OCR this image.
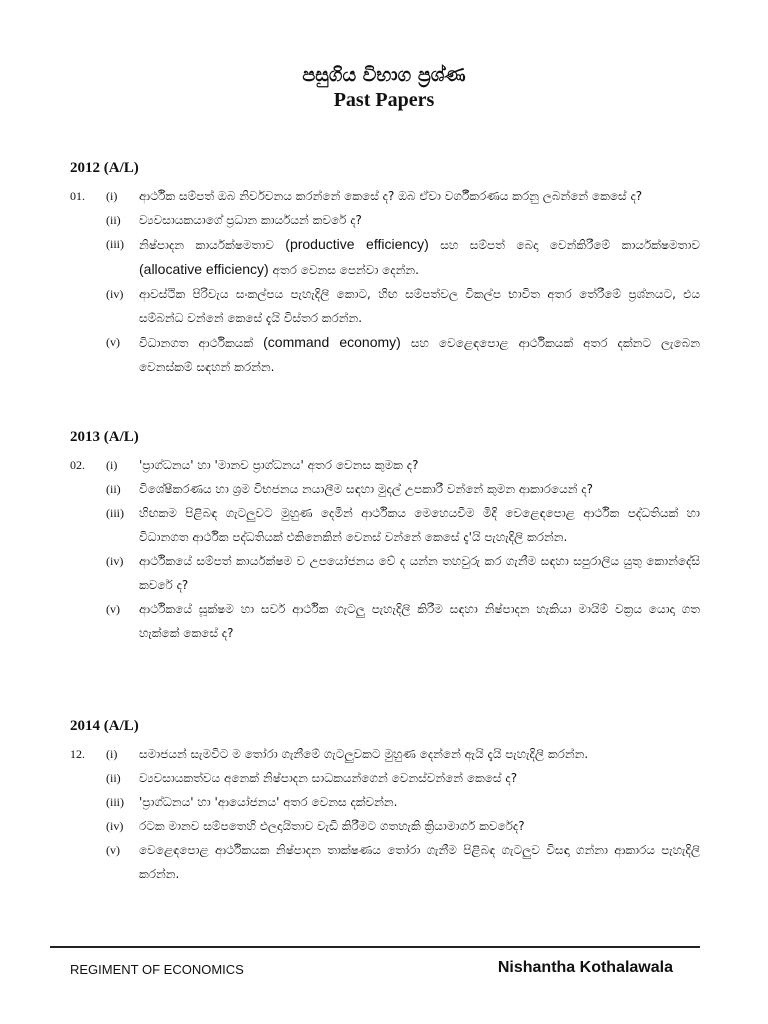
පසුගිය විභාග ප්‍රශ්ණ
Past Papers
2012 (A/L)
01. (i) ආර්ථික සම්පත් ඔබ නිර්වචනය කරන්නේ කෙසේ ද? ඔබ ඒවා වර්ගීකරණය කරනු ලබන්නේ කෙසේ ද?
(ii) ව්‍යවසායකයාගේ ප්‍රධාන කාර්යයන් කවරේ ද?
(iii) නිෂ්පාදන කාර්යක්ෂමතාව (productive efficiency) සහ සම්පත් බෙදා වෙන්කිරීමේ කාර්යක්ෂමතාව (allocative efficiency) අතර වෙනස පෙන්වා දෙන්න.
(iv) ආවස්ථික පිරිවැය සංකල්පය පැහැදිලි කොට, හිඟ සම්පත්වල විකල්ප භාවිත අතර තේරීමේ ප්‍රශ්නයට, එය සම්බන්ධ වන්නේ කෙසේ දැයි විස්තර කරන්න.
(v) විධානගත ආර්ථිකයක් (command economy) සහ වෙළෙඳපොළ ආර්ථිකයක් අතර දක්නට ලැබෙන වෙනස්කම් සඳහන් කරන්න.
2013 (A/L)
02. (i) 'ප්‍රාග්ධනය' හා 'මානව ප්‍රාග්ධනය' අතර වෙනස කුමක ද?
(ii) විශේෂීකරණය හා ශ්‍රම විභජනය නයාලීම සඳහා මුදල් උපකාරී වන්නේ කුමන ආකාරයෙන් ද?
(iii) හිඟකම පිළිබඳ ගැටලුවට මුහුණ දෙමින් ආර්ථිකය මෙහෙයවීම මිදි වෙළෙඳපොළ ආර්ථික පද්ධතියක් හා විධානගත ආර්ථික පද්ධතියක් එකිනෙකින් වෙනස් වන්නේ කෙසේ දැ'යි පැහැදිලි කරන්න.
(iv) ආර්ථිකයේ සම්පත් කාර්යක්ෂම ව උපයෝජනය වේ ද යන්න තහවුරු කර ගැනීම සඳහා සපුරාලිය යුතු කොන්දේසි කවරේ ද?
(v) ආර්ථිකයේ සූක්ෂම හා සර්ව ආර්ථික ගැටලු පැහැදිලි කිරීම සඳහා නිෂ්පාදන හැකියා මායිම් වක්‍රය යොදා ගත හැක්කේ කෙසේ ද?
2014 (A/L)
12. (i) සමාජයන් සැමවිට ම තෝරා ගැනීමේ ගැටලුවකට මුහුණ දෙන්නේ ඇයි දැයි පැහැදිලි කරන්න.
(ii) ව්‍යවසායකත්වය අනෙක් නිෂ්පාදන සාධකයන්ගෙන් වෙනස්වන්නේ කෙසේ ද?
(iii) 'ප්‍රාග්ධනය' හා 'ආයෝජනය' අතර වෙනස දක්වන්න.
(iv) රටක මානව සම්පතෙහි ඵලදායිතාව වැඩි කිරීමට ගතහැකි ක්‍රියාමාර්ග කවරේද?
(v) වෙළෙඳපොළ ආර්ථිකයක නිෂ්පාදන තාක්ෂණය තෝරා ගැනීම පිළිබඳ ගැටලුව විසඳා ගන්නා ආකාරය පැහැදිලි කරන්න.
REGIMENT OF ECONOMICS	Nishantha Kothalawala
